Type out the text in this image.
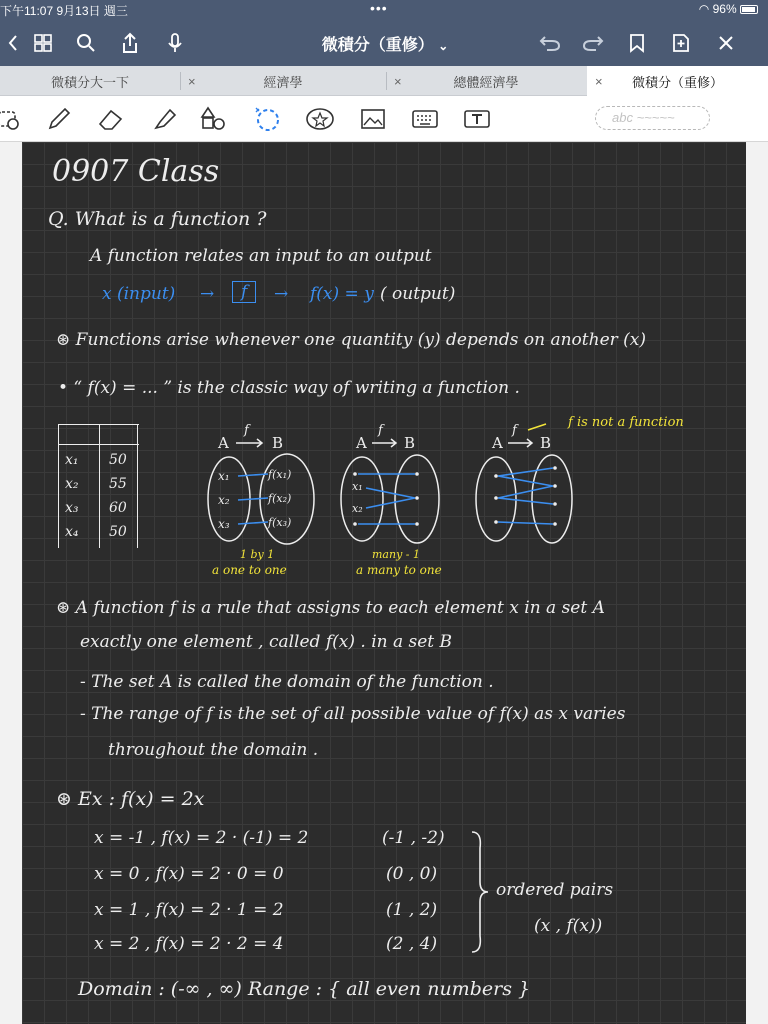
下午11:07 9月13日 週三	•••	◠ 96%
微積分（重修） ⌄
微積分大一下	×	經濟學	×	總體經濟學	×	微積分（重修）
abc ~~~~~
0907 Class
Q. What is a function ?
A function relates an input to an output
x (input) →	f	→ f(x) = y ( output)
⊛ Functions arise whenever one quantity (y) depends on another (x)
• “ f(x) = ... ” is the classic way of writing a function .
x₁ 50
x₂ 55
x₃ 60
x₄ 50
A
f
B
x₁
x₂
x₃
f(x₁)
f(x₂)
f(x₃)
1 by 1
a one to one
A
f
B
x₁
x₂
many - 1
a many to one
A
f
B
f is not a function
⊛ A function f is a rule that assigns to each element x in a set A
exactly one element , called f(x) . in a set B
- The set A is called the domain of the function .
- The range of f is the set of all possible value of f(x) as x varies
throughout the domain .
⊛ Ex : f(x) = 2x
x = -1 , f(x) = 2 · (-1) = 2	(-1 , -2)
x = 0 , f(x) = 2 · 0 = 0	(0 , 0)
x = 1 , f(x) = 2 · 1 = 2	(1 , 2)
x = 2 , f(x) = 2 · 2 = 4	(2 , 4)
ordered pairs
(x , f(x))
Domain : (-∞ , ∞) Range : { all even numbers }
